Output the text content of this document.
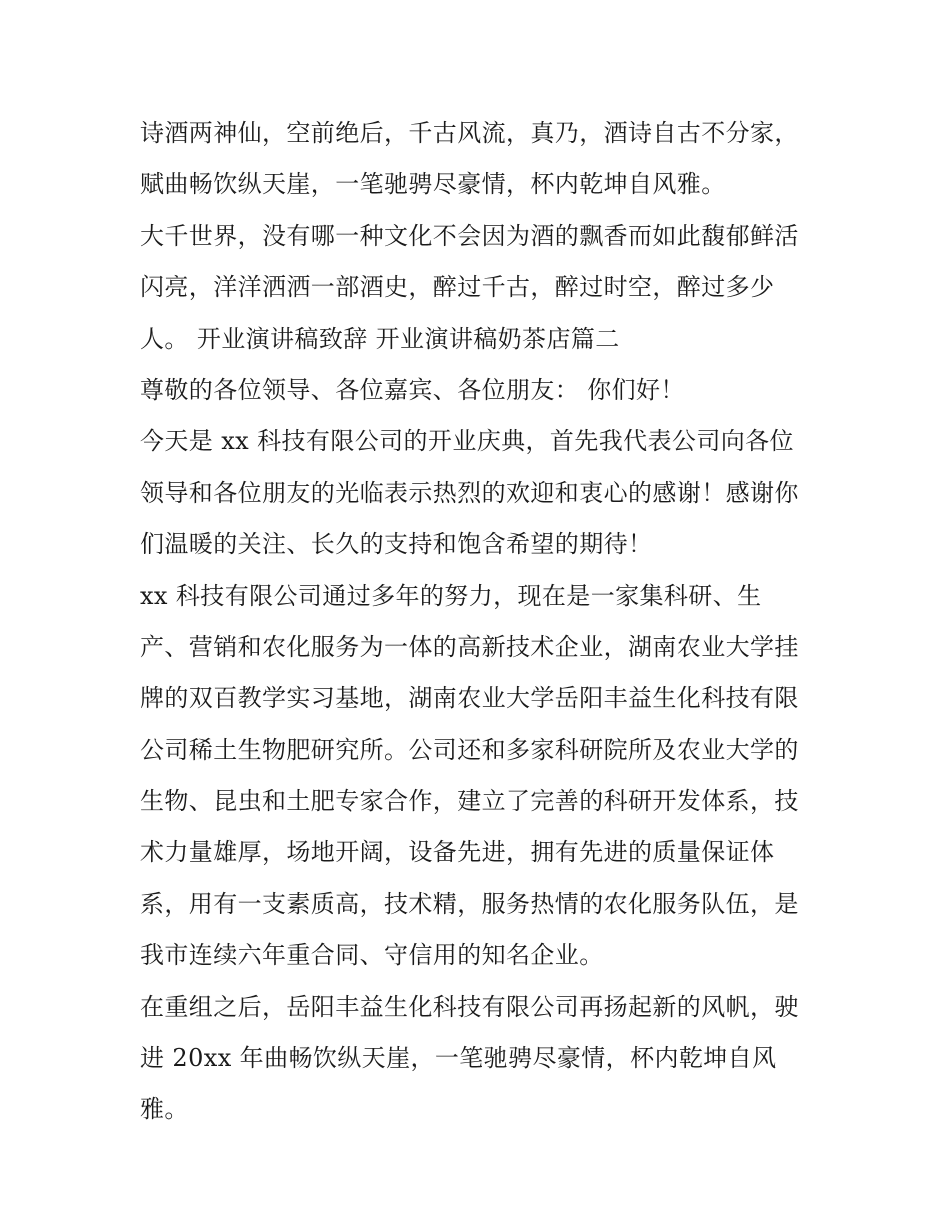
诗酒两神仙，空前绝后，千古风流，真乃，酒诗自古不分家，

赋曲畅饮纵天崖，一笔驰骋尽豪情，杯内乾坤自风雅。

大千世界，没有哪一种文化不会因为酒的飘香而如此馥郁鲜活

闪亮，洋洋洒洒一部酒史，醉过千古，醉过时空，醉过多少

人。 开业演讲稿致辞 开业演讲稿奶茶店篇二

尊敬的各位领导、各位嘉宾、各位朋友： 你们好！

今天是 xx 科技有限公司的开业庆典，首先我代表公司向各位

领导和各位朋友的光临表示热烈的欢迎和衷心的感谢！感谢你

们温暖的关注、长久的支持和饱含希望的期待！

xx 科技有限公司通过多年的努力，现在是一家集科研、生

产、营销和农化服务为一体的高新技术企业，湖南农业大学挂

牌的双百教学实习基地，湖南农业大学岳阳丰益生化科技有限

公司稀土生物肥研究所。公司还和多家科研院所及农业大学的

生物、昆虫和土肥专家合作，建立了完善的科研开发体系，技

术力量雄厚，场地开阔，设备先进，拥有先进的质量保证体

系，用有一支素质高，技术精，服务热情的农化服务队伍，是

我市连续六年重合同、守信用的知名企业。

在重组之后，岳阳丰益生化科技有限公司再扬起新的风帆，驶

进 20xx 年曲畅饮纵天崖，一笔驰骋尽豪情，杯内乾坤自风

雅。
